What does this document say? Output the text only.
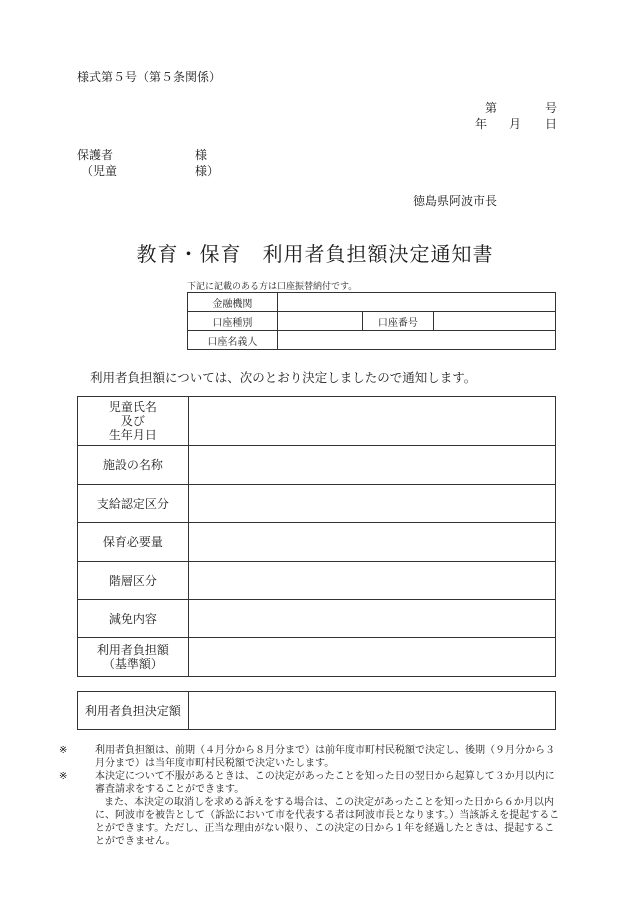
様式第５号（第５条関係）
第	号
年 月 日
保護者	様
（児童	様）
徳島県阿波市長
教育・保育　利用者負担額決定通知書
下記に記載のある方は口座振替納付です。
金融機関			
口座種別		口座番号	
口座名義人			
利用者負担額については、次のとおり決定しましたので通知します。
児童氏名
及び
生年月日	

施設の名称	
支給認定区分	
保育必要量	
階層区分	
減免内容	

利用者負担額
（基準額）	

利用者負担決定額	

※	利用者負担額は、前期（４月分から８月分まで）は前年度市町村民税額で決定し、後期（９月分から３月分まで）は当年度市町村民税額で決定いたします。

※	本決定について不服があるときは、この決定があったことを知った日の翌日から起算して３か月以内に審査請求をすることができます。

また、本決定の取消しを求める訴えをする場合は、この決定があったことを知った日から６か月以内に、阿波市を被告として（訴訟において市を代表する者は阿波市長となります。）当該訴えを提起することができます。ただし、正当な理由がない限り、この決定の日から１年を経過したときは、提起することができません。
